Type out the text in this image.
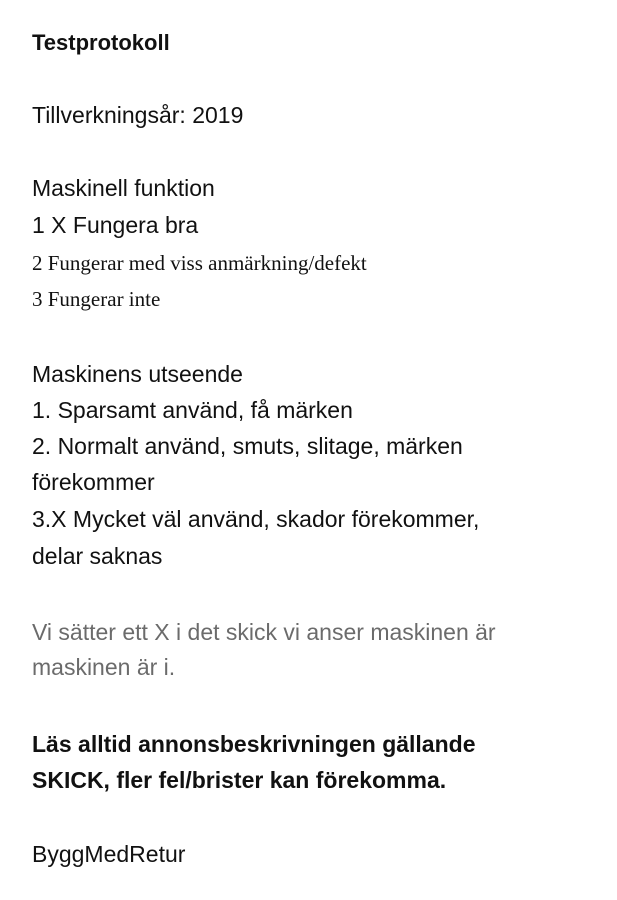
Testprotokoll
Tillverkningsår: 2019
Maskinell funktion
1 X Fungera bra
2 Fungerar med viss anmärkning/defekt
3 Fungerar inte
Maskinens utseende
1. Sparsamt använd, få märken
2. Normalt använd, smuts, slitage, märken
förekommer
3.X Mycket väl använd, skador förekommer,
delar saknas
Vi sätter ett X i det skick vi anser maskinen är
maskinen är i.
Läs alltid annonsbeskrivningen gällande
SKICK, fler fel/brister kan förekomma.
ByggMedRetur
